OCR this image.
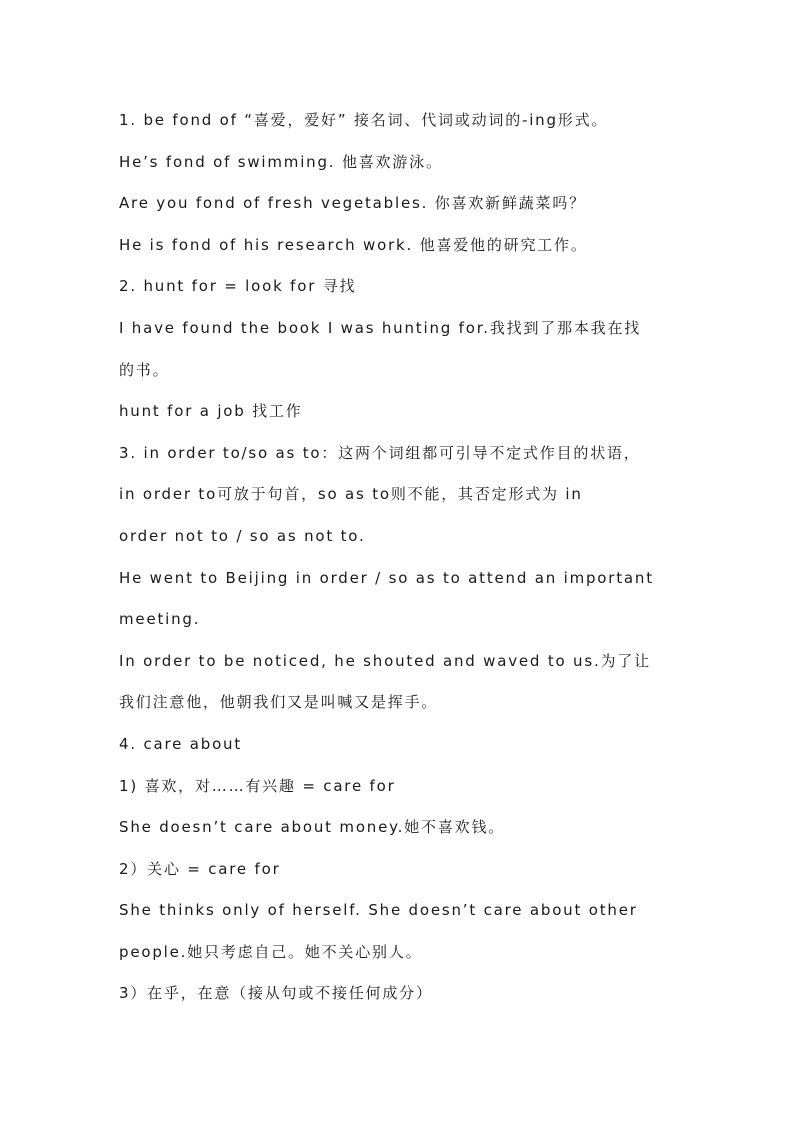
1. be fond of “喜爱，爱好” 接名词、代词或动词的-ing形式。
He’s fond of swimming. 他喜欢游泳。
Are you fond of fresh vegetables. 你喜欢新鲜蔬菜吗？
He is fond of his research work. 他喜爱他的研究工作。
2. hunt for = look for 寻找
I have found the book I was hunting for.我找到了那本我在找
的书。
hunt for a job 找工作
3. in order to/so as to：这两个词组都可引导不定式作目的状语，
in order to可放于句首，so as to则不能，其否定形式为 in
order not to / so as not to.
He went to Beijing in order / so as to attend an important
meeting.
In order to be noticed, he shouted and waved to us.为了让
我们注意他，他朝我们又是叫喊又是挥手。
4. care about
1) 喜欢，对……有兴趣 = care for
She doesn’t care about money.她不喜欢钱。
2）关心 = care for
She thinks only of herself. She doesn’t care about other
people.她只考虑自己。她不关心别人。
3）在乎，在意（接从句或不接任何成分）
